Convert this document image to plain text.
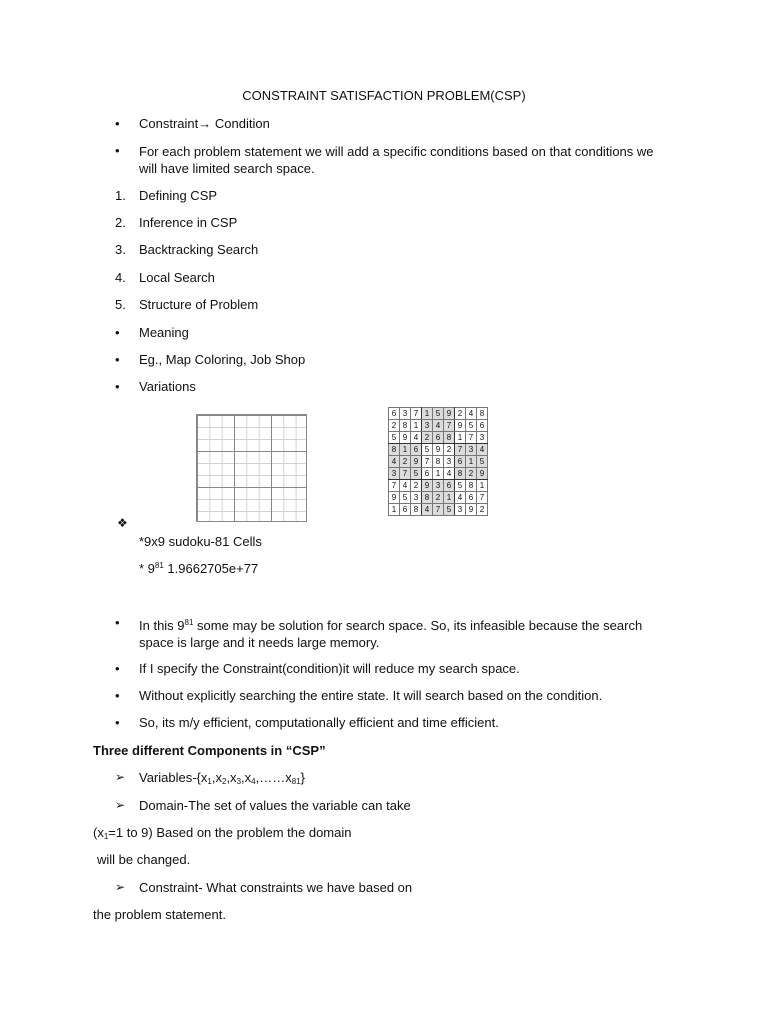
CONSTRAINT SATISFACTION PROBLEM(CSP)
• Constraint→ Condition
• For each problem statement we will add a specific conditions based on that conditions we will have limited search space.
1. Defining CSP
2. Inference in CSP
3. Backtracking Search
4. Local Search
5. Structure of Problem
• Meaning
• Eg., Map Coloring, Job Shop
• Variations
6	3	7	1	5	9	2	4	8
2	8	1	3	4	7	9	5	6
5	9	4	2	6	8	1	7	3
8	1	6	5	9	2	7	3	4
4	2	9	7	8	3	6	1	5
3	7	5	6	1	4	8	2	9
7	4	2	9	3	6	5	8	1
9	5	3	8	2	1	4	6	7
1	6	8	4	7	5	3	9	2
❖
*9x9 sudoku-81 Cells
* $9^{81}$ 1.9662705e+77
• In this $9^{81}$ some may be solution for search space. So, its infeasible because the search space is large and it needs large memory.
• If I specify the Constraint(condition)it will reduce my search space.
• Without explicitly searching the entire state. It will search based on the condition.
• So, its m/y efficient, computationally efficient and time efficient.
Three different Components in “CSP”
➢ Variables-$\{x_1,x_2,x_3,x_4,\dots\dots x_{81}\}$
➢ Domain-The set of values the variable can take
($x_1=1$ to 9) Based on the problem the domain
will be changed.
➢ Constraint- What constraints we have based on
the problem statement.
